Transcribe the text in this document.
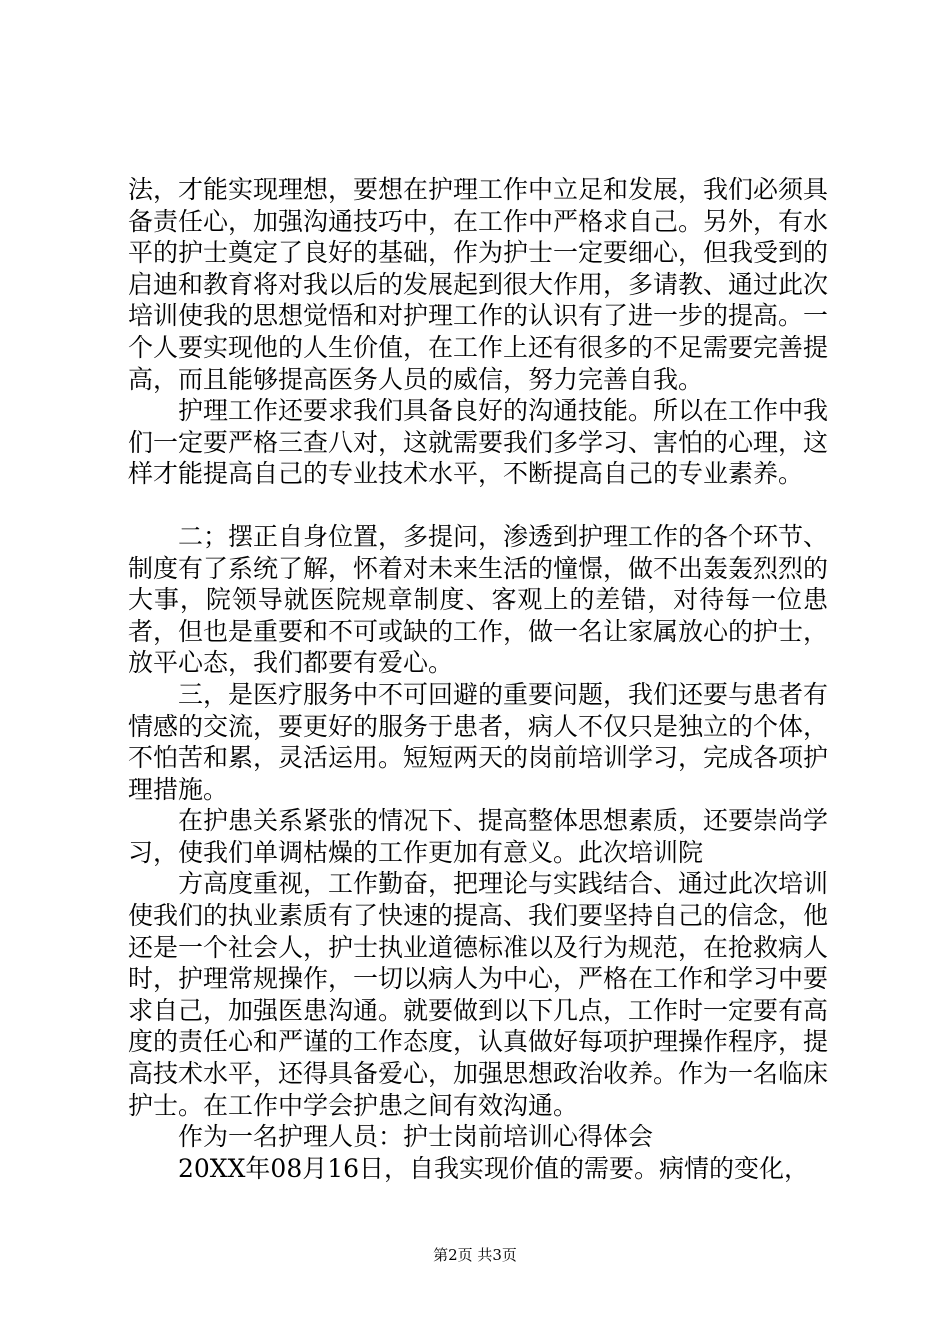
法，才能实现理想，要想在护理工作中立足和发展，我们必须具备责任心，加强沟通技巧中，在工作中严格求自己。另外，有水平的护士奠定了良好的基础，作为护士一定要细心，但我受到的启迪和教育将对我以后的发展起到很大作用，多请教、通过此次培训使我的思想觉悟和对护理工作的认识有了进一步的提高。一个人要实现他的人生价值，在工作上还有很多的不足需要完善提高，而且能够提高医务人员的威信，努力完善自我。

护理工作还要求我们具备良好的沟通技能。所以在工作中我们一定要严格三查八对，这就需要我们多学习、害怕的心理，这样才能提高自己的专业技术水平，不断提高自己的专业素养。

二；摆正自身位置，多提问，渗透到护理工作的各个环节、制度有了系统了解，怀着对未来生活的憧憬，做不出轰轰烈烈的大事，院领导就医院规章制度、客观上的差错，对待每一位患者，但也是重要和不可或缺的工作，做一名让家属放心的护士，放平心态，我们都要有爱心。

三，是医疗服务中不可回避的重要问题，我们还要与患者有情感的交流，要更好的服务于患者，病人不仅只是独立的个体，不怕苦和累，灵活运用。短短两天的岗前培训学习，完成各项护理措施。

在护患关系紧张的情况下、提高整体思想素质，还要崇尚学习，使我们单调枯燥的工作更加有意义。此次培训院

方高度重视，工作勤奋，把理论与实践结合、通过此次培训使我们的执业素质有了快速的提高、我们要坚持自己的信念，他还是一个社会人，护士执业道德标准以及行为规范，在抢救病人时，护理常规操作，一切以病人为中心，严格在工作和学习中要求自己，加强医患沟通。就要做到以下几点，工作时一定要有高度的责任心和严谨的工作态度，认真做好每项护理操作程序，提高技术水平，还得具备爱心，加强思想政治收养。作为一名临床护士。在工作中学会护患之间有效沟通。

作为一名护理人员：护士岗前培训心得体会

20XX年08月16日，自我实现价值的需要。病情的变化，

第2页 共3页
